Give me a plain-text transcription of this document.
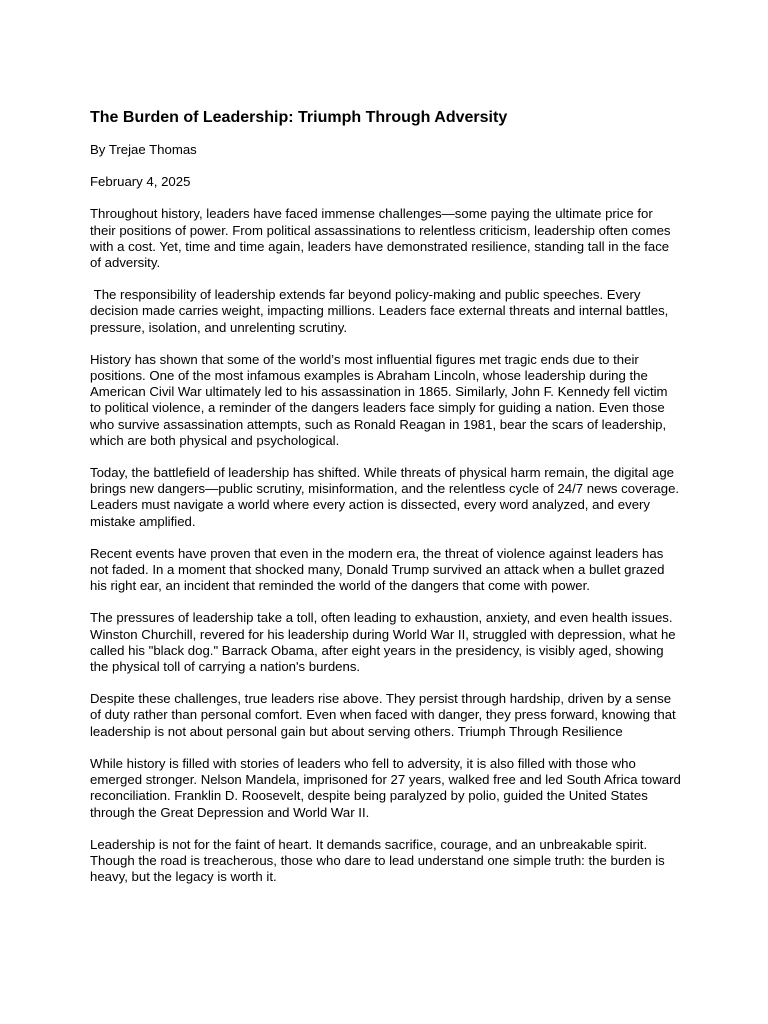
The Burden of Leadership: Triumph Through Adversity
By Trejae Thomas
February 4, 2025

Throughout history, leaders have faced immense challenges—some paying the ultimate price for their positions of power. From political assassinations to relentless criticism, leadership often comes with a cost. Yet, time and time again, leaders have demonstrated resilience, standing tall in the face of adversity.

The responsibility of leadership extends far beyond policy-making and public speeches. Every decision made carries weight, impacting millions. Leaders face external threats and internal battles, pressure, isolation, and unrelenting scrutiny.

History has shown that some of the world’s most influential figures met tragic ends due to their positions. One of the most infamous examples is Abraham Lincoln, whose leadership during the American Civil War ultimately led to his assassination in 1865. Similarly, John F. Kennedy fell victim to political violence, a reminder of the dangers leaders face simply for guiding a nation. Even those who survive assassination attempts, such as Ronald Reagan in 1981, bear the scars of leadership, which are both physical and psychological.

Today, the battlefield of leadership has shifted. While threats of physical harm remain, the digital age brings new dangers—public scrutiny, misinformation, and the relentless cycle of 24/7 news coverage. Leaders must navigate a world where every action is dissected, every word analyzed, and every mistake amplified.

Recent events have proven that even in the modern era, the threat of violence against leaders has not faded. In a moment that shocked many, Donald Trump survived an attack when a bullet grazed his right ear, an incident that reminded the world of the dangers that come with power.

The pressures of leadership take a toll, often leading to exhaustion, anxiety, and even health issues. Winston Churchill, revered for his leadership during World War II, struggled with depression, what he called his "black dog." Barrack Obama, after eight years in the presidency, is visibly aged, showing the physical toll of carrying a nation's burdens.

Despite these challenges, true leaders rise above. They persist through hardship, driven by a sense of duty rather than personal comfort. Even when faced with danger, they press forward, knowing that leadership is not about personal gain but about serving others. Triumph Through Resilience

While history is filled with stories of leaders who fell to adversity, it is also filled with those who emerged stronger. Nelson Mandela, imprisoned for 27 years, walked free and led South Africa toward reconciliation. Franklin D. Roosevelt, despite being paralyzed by polio, guided the United States through the Great Depression and World War II.

Leadership is not for the faint of heart. It demands sacrifice, courage, and an unbreakable spirit. Though the road is treacherous, those who dare to lead understand one simple truth: the burden is heavy, but the legacy is worth it.
